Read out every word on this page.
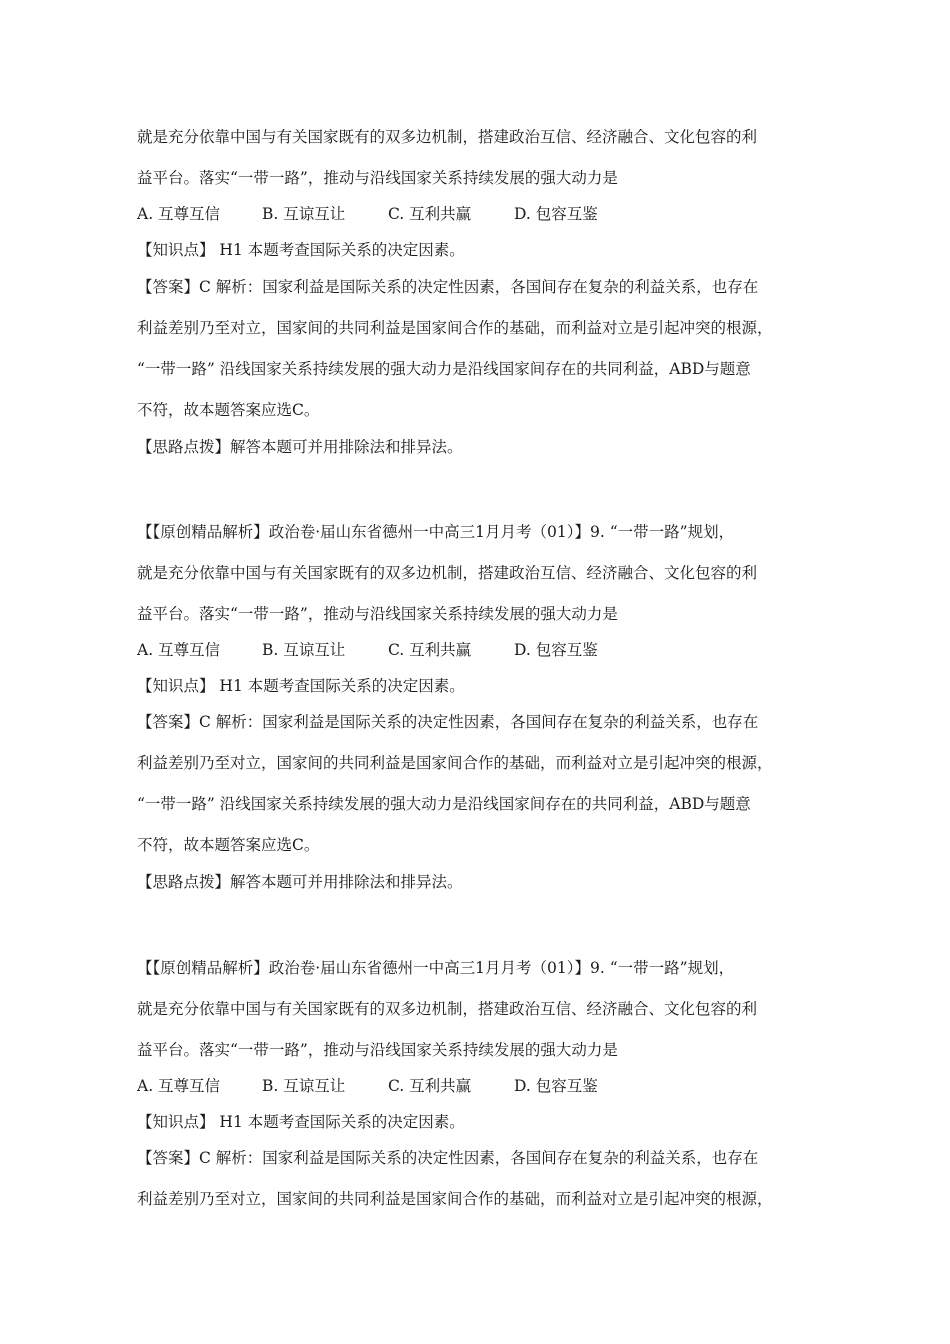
就是充分依靠中国与有关国家既有的双多边机制，搭建政治互信、经济融合、文化包容的利
益平台。落实“一带一路”，推动与沿线国家关系持续发展的强大动力是
A. 互尊互信	B. 互谅互让	C. 互利共赢	D. 包容互鉴
【知识点】 H1 本题考查国际关系的决定因素。
【答案】C 解析：国家利益是国际关系的决定性因素，各国间存在复杂的利益关系，也存在
利益差别乃至对立，国家间的共同利益是国家间合作的基础，而利益对立是引起冲突的根源，
“一带一路” 沿线国家关系持续发展的强大动力是沿线国家间存在的共同利益，ABD与题意
不符，故本题答案应选C。
【思路点拨】解答本题可并用排除法和排异法。
【【原创精品解析】政治卷·届山东省德州一中高三1月月考（01）】9. “一带一路”规划，
就是充分依靠中国与有关国家既有的双多边机制，搭建政治互信、经济融合、文化包容的利
益平台。落实“一带一路”，推动与沿线国家关系持续发展的强大动力是
A. 互尊互信	B. 互谅互让	C. 互利共赢	D. 包容互鉴
【知识点】 H1 本题考查国际关系的决定因素。
【答案】C 解析：国家利益是国际关系的决定性因素，各国间存在复杂的利益关系，也存在
利益差别乃至对立，国家间的共同利益是国家间合作的基础，而利益对立是引起冲突的根源，
“一带一路” 沿线国家关系持续发展的强大动力是沿线国家间存在的共同利益，ABD与题意
不符，故本题答案应选C。
【思路点拨】解答本题可并用排除法和排异法。
【【原创精品解析】政治卷·届山东省德州一中高三1月月考（01）】9. “一带一路”规划，
就是充分依靠中国与有关国家既有的双多边机制，搭建政治互信、经济融合、文化包容的利
益平台。落实“一带一路”，推动与沿线国家关系持续发展的强大动力是
A. 互尊互信	B. 互谅互让	C. 互利共赢	D. 包容互鉴
【知识点】 H1 本题考查国际关系的决定因素。
【答案】C 解析：国家利益是国际关系的决定性因素，各国间存在复杂的利益关系，也存在
利益差别乃至对立，国家间的共同利益是国家间合作的基础，而利益对立是引起冲突的根源，
